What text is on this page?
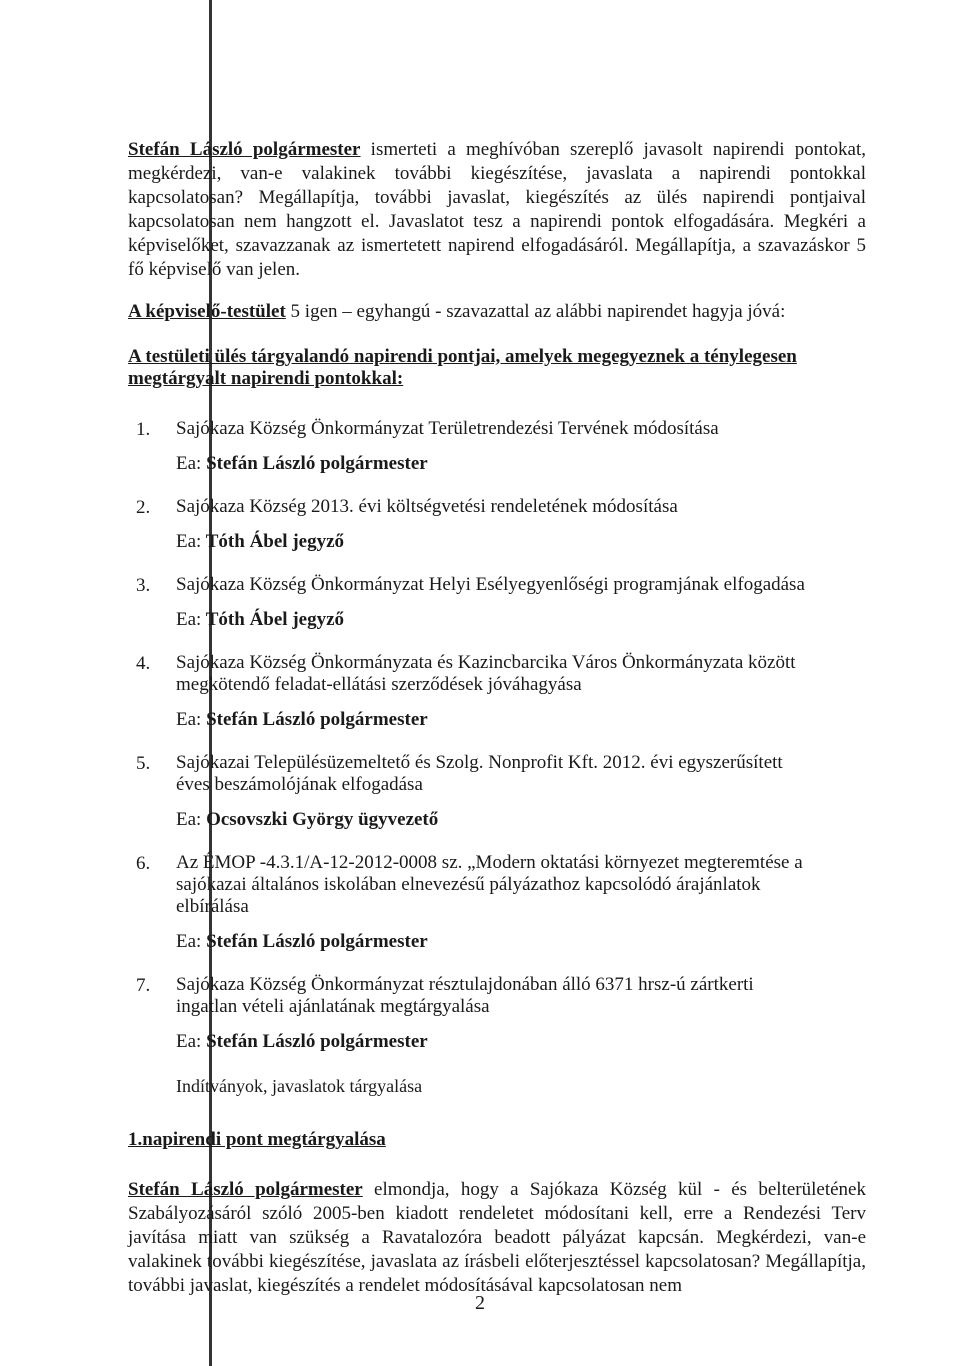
Stefán László polgármester ismerteti a meghívóban szereplő javasolt napirendi pontokat, megkérdezi, van-e valakinek további kiegészítése, javaslata a napirendi pontokkal kapcsolatosan? Megállapítja, további javaslat, kiegészítés az ülés napirendi pontjaival kapcsolatosan nem hangzott el. Javaslatot tesz a napirendi pontok elfogadására. Megkéri a képviselőket, szavazzanak az ismertetett napirend elfogadásáról. Megállapítja, a szavazáskor 5 fő képviselő van jelen.

A képviselő-testület 5 igen – egyhangú - szavazattal az alábbi napirendet hagyja jóvá:

A testületi ülés tárgyalandó napirendi pontjai, amelyek megegyeznek a ténylegesen megtárgyalt napirendi pontokkal:
1. Sajókaza Község Önkormányzat Területrendezési Tervének módosítása
Ea: Stefán László polgármester
2. Sajókaza Község 2013. évi költségvetési rendeletének módosítása
Ea: Tóth Ábel jegyző
3. Sajókaza Község Önkormányzat Helyi Esélyegyenlőségi programjának elfogadása
Ea: Tóth Ábel jegyző
4. Sajókaza Község Önkormányzata és Kazincbarcika Város Önkormányzata között megkötendő feladat-ellátási szerződések jóváhagyása
Ea: Stefán László polgármester
5. Sajókazai Településüzemeltető és Szolg. Nonprofit Kft. 2012. évi egyszerűsített éves beszámolójának elfogadása
Ea: Ocsovszki György ügyvezető
6. Az ÉMOP -4.3.1/A-12-2012-0008 sz. „Modern oktatási környezet megteremtése a sajókazai általános iskolában elnevezésű pályázathoz kapcsolódó árajánlatok elbírálása
Ea: Stefán László polgármester
7. Sajókaza Község Önkormányzat résztulajdonában álló 6371 hrsz-ú zártkerti ingatlan vételi ajánlatának megtárgyalása
Ea: Stefán László polgármester

Indítványok, javaslatok tárgyalása

1.napirendi pont megtárgyalása

Stefán László polgármester elmondja, hogy a Sajókaza Község kül - és belterületének Szabályozásáról szóló 2005-ben kiadott rendeletet módosítani kell, erre a Rendezési Terv javítása miatt van szükség a Ravatalozóra beadott pályázat kapcsán. Megkérdezi, van-e valakinek további kiegészítése, javaslata az írásbeli előterjesztéssel kapcsolatosan? Megállapítja, további javaslat, kiegészítés a rendelet módosításával kapcsolatosan nem

2
